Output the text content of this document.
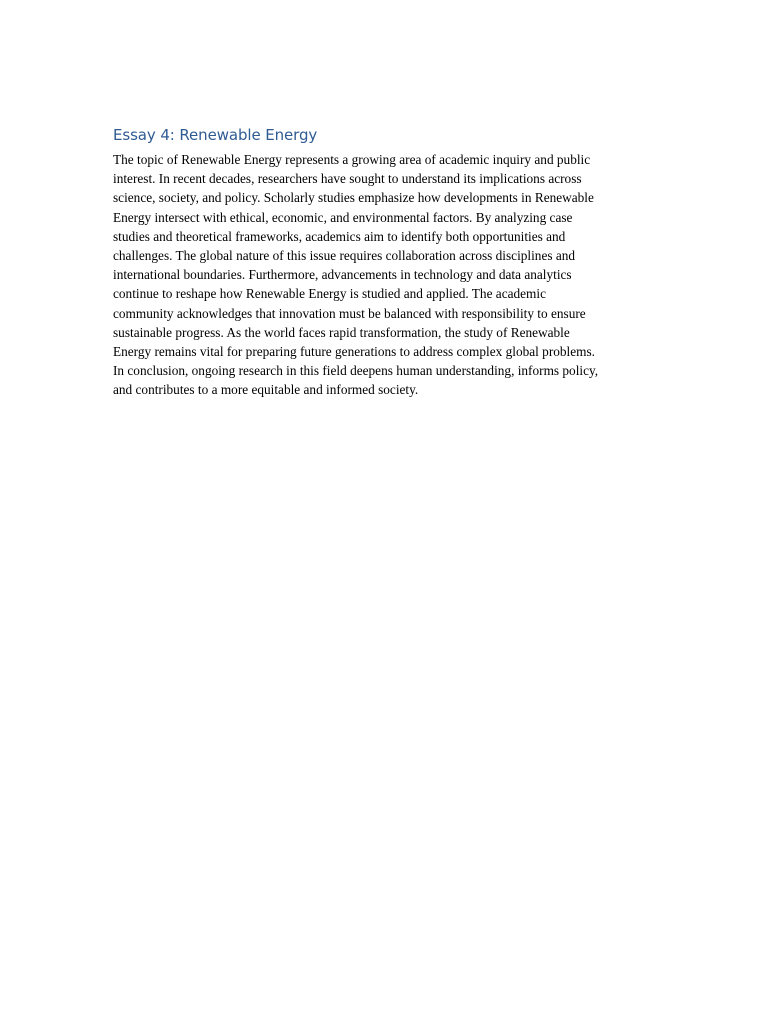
Essay 4: Renewable Energy

The topic of Renewable Energy represents a growing area of academic inquiry and public
interest. In recent decades, researchers have sought to understand its implications across
science, society, and policy. Scholarly studies emphasize how developments in Renewable
Energy intersect with ethical, economic, and environmental factors. By analyzing case
studies and theoretical frameworks, academics aim to identify both opportunities and
challenges. The global nature of this issue requires collaboration across disciplines and
international boundaries. Furthermore, advancements in technology and data analytics
continue to reshape how Renewable Energy is studied and applied. The academic
community acknowledges that innovation must be balanced with responsibility to ensure
sustainable progress. As the world faces rapid transformation, the study of Renewable
Energy remains vital for preparing future generations to address complex global problems.
In conclusion, ongoing research in this field deepens human understanding, informs policy,
and contributes to a more equitable and informed society.
